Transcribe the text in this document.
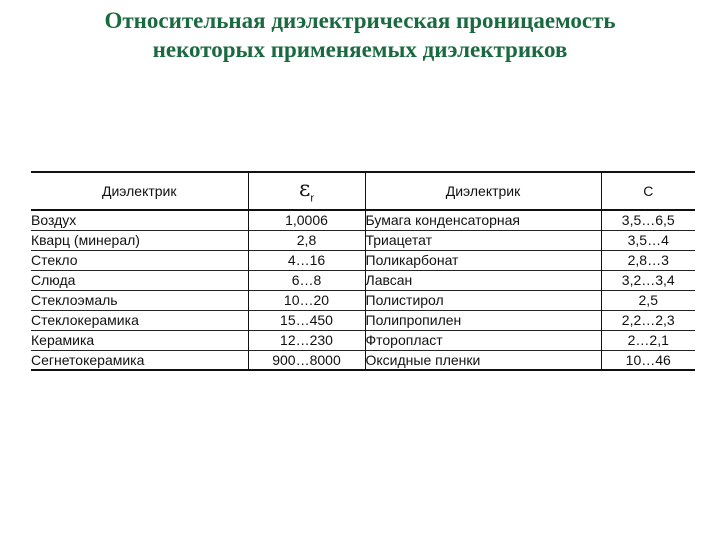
Относительная диэлектрическая проницаемость
некоторых применяемых диэлектриков
Диэлектрик	$\varepsilon_r$	Диэлектрик	С
Воздух	1,0006	Бумага конденсаторная	3,5…6,5
Кварц (минерал)	2,8	Триацетат	3,5…4
Стекло	4…16	Поликарбонат	2,8…3
Слюда	6…8	Лавсан	3,2…3,4
Стеклоэмаль	10…20	Полистирол	2,5
Стеклокерамика	15…450	Полипропилен	2,2…2,3
Керамика	12…230	Фторопласт	2…2,1
Сегнетокерамика	900…8000	Оксидные пленки	10…46
